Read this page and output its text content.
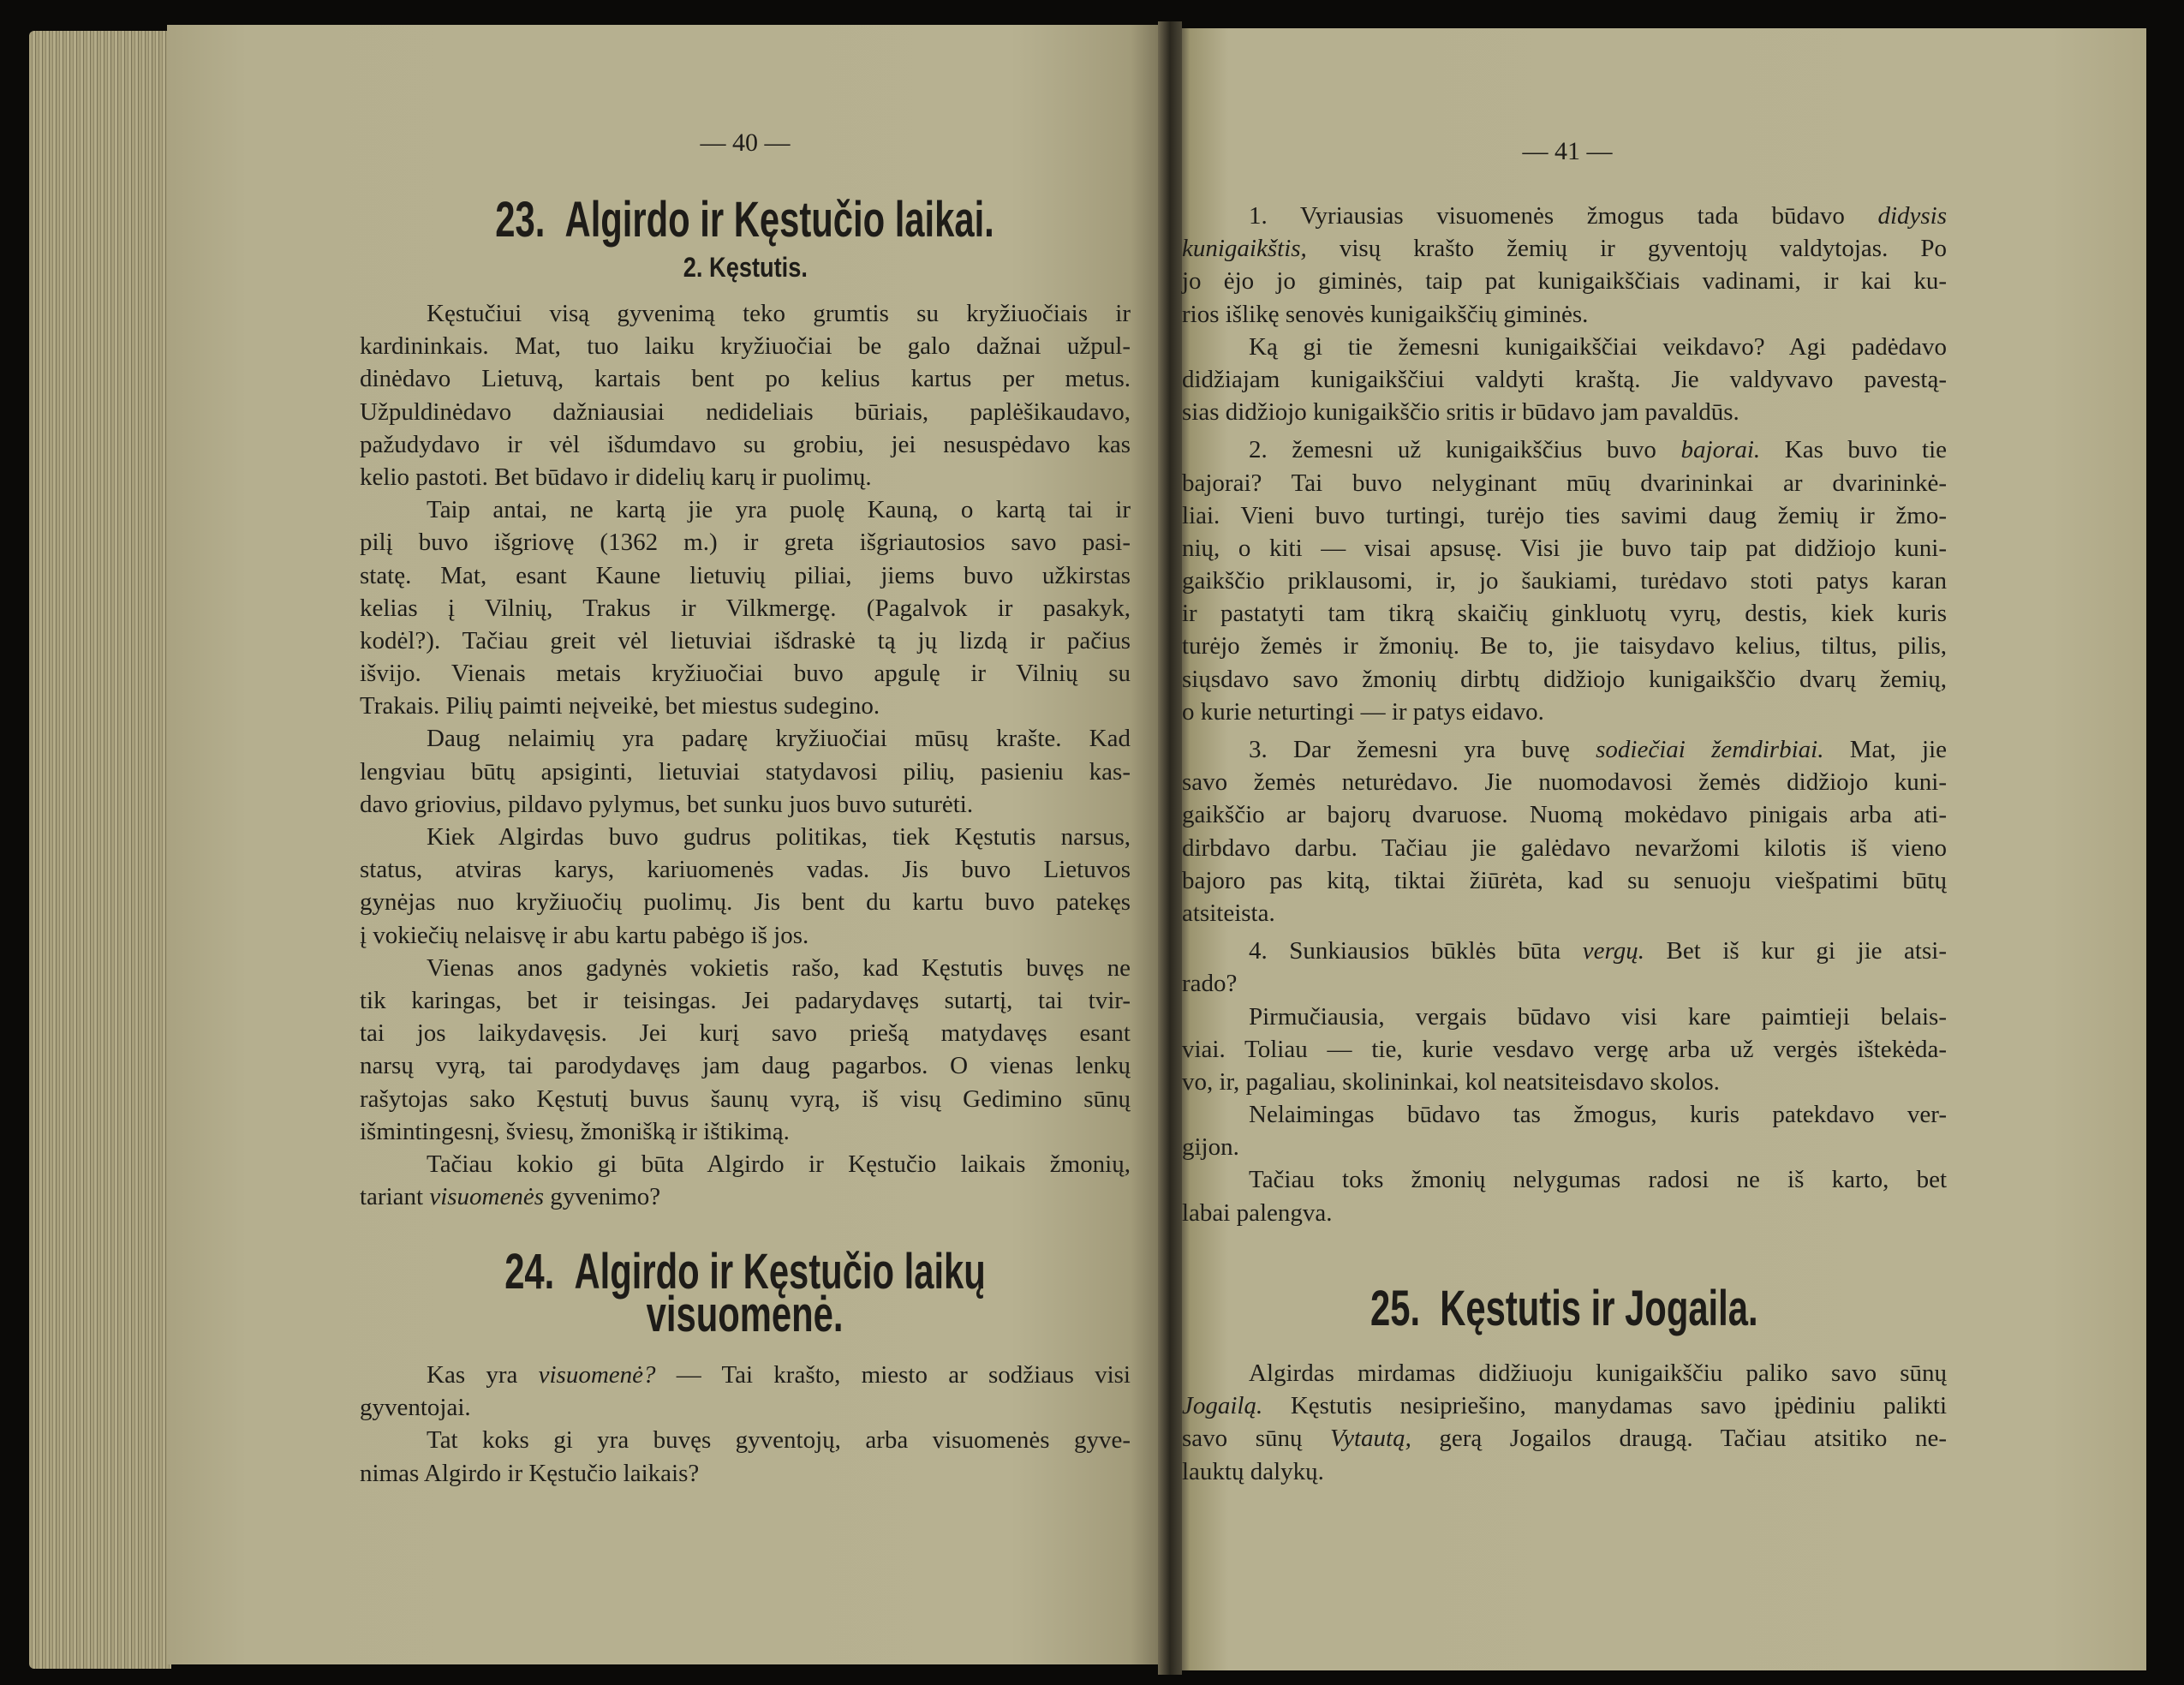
— 40 —
23. Algirdo ir Kęstučio laikai.
2. Kęstutis.
Kęstučiui visą gyvenimą teko grumtis su kryžiuočiais ir
kardininkais. Mat, tuo laiku kryžiuočiai be galo dažnai užpul-
dinėdavo Lietuvą, kartais bent po kelius kartus per metus.
Užpuldinėdavo dažniausiai nedideliais būriais, paplėšikaudavo,
pažudydavo ir vėl išdumdavo su grobiu, jei nesuspėdavo kas
kelio pastoti. Bet būdavo ir didelių karų ir puolimų.
Taip antai, ne kartą jie yra puolę Kauną, o kartą tai ir
pilį buvo išgriovę (1362 m.) ir greta išgriautosios savo pasi-
statę. Mat, esant Kaune lietuvių piliai, jiems buvo užkirstas
kelias į Vilnių, Trakus ir Vilkmergę. (Pagalvok ir pasakyk,
kodėl?). Tačiau greit vėl lietuviai išdraskė tą jų lizdą ir pačius
išvijo. Vienais metais kryžiuočiai buvo apgulę ir Vilnių su
Trakais. Pilių paimti neįveikė, bet miestus sudegino.
Daug nelaimių yra padarę kryžiuočiai mūsų krašte. Kad
lengviau būtų apsiginti, lietuviai statydavosi pilių, pasieniu kas-
davo griovius, pildavo pylymus, bet sunku juos buvo suturėti.
Kiek Algirdas buvo gudrus politikas, tiek Kęstutis narsus,
status, atviras karys, kariuomenės vadas. Jis buvo Lietuvos
gynėjas nuo kryžiuočių puolimų. Jis bent du kartu buvo patekęs
į vokiečių nelaisvę ir abu kartu pabėgo iš jos.
Vienas anos gadynės vokietis rašo, kad Kęstutis buvęs ne
tik karingas, bet ir teisingas. Jei padarydavęs sutartį, tai tvir-
tai jos laikydavęsis. Jei kurį savo priešą matydavęs esant
narsų vyrą, tai parodydavęs jam daug pagarbos. O vienas lenkų
rašytojas sako Kęstutį buvus šaunų vyrą, iš visų Gedimino sūnų
išmintingesnį, šviesų, žmonišką ir ištikimą.
Tačiau kokio gi būta Algirdo ir Kęstučio laikais žmonių,
tariant visuomenės gyvenimo?
24. Algirdo ir Kęstučio laikų
visuomenė.
Kas yra visuomenė? — Tai krašto, miesto ar sodžiaus visi
gyventojai.
Tat koks gi yra buvęs gyventojų, arba visuomenės gyve-
nimas Algirdo ir Kęstučio laikais?
— 41 —
1. Vyriausias visuomenės žmogus tada būdavo didysis
kunigaikštis, visų krašto žemių ir gyventojų valdytojas. Po
jo ėjo jo giminės, taip pat kunigaikščiais vadinami, ir kai ku-
rios išlikę senovės kunigaikščių giminės.
Ką gi tie žemesni kunigaikščiai veikdavo? Agi padėdavo
didžiajam kunigaikščiui valdyti kraštą. Jie valdyvavo pavestą-
sias didžiojo kunigaikščio sritis ir būdavo jam pavaldūs.
2. žemesni už kunigaikščius buvo bajorai. Kas buvo tie
bajorai? Tai buvo nelyginant mūų dvarininkai ar dvarininkė-
liai. Vieni buvo turtingi, turėjo ties savimi daug žemių ir žmo-
nių, o kiti — visai apsusę. Visi jie buvo taip pat didžiojo kuni-
gaikščio priklausomi, ir, jo šaukiami, turėdavo stoti patys karan
ir pastatyti tam tikrą skaičių ginkluotų vyrų, destis, kiek kuris
turėjo žemės ir žmonių. Be to, jie taisydavo kelius, tiltus, pilis,
siųsdavo savo žmonių dirbtų didžiojo kunigaikščio dvarų žemių,
o kurie neturtingi — ir patys eidavo.
3. Dar žemesni yra buvę sodiečiai žemdirbiai. Mat, jie
savo žemės neturėdavo. Jie nuomodavosi žemės didžiojo kuni-
gaikščio ar bajorų dvaruose. Nuomą mokėdavo pinigais arba ati-
dirbdavo darbu. Tačiau jie galėdavo nevaržomi kilotis iš vieno
bajoro pas kitą, tiktai žiūrėta, kad su senuoju viešpatimi būtų
atsiteista.
4. Sunkiausios būklės būta vergų. Bet iš kur gi jie atsi-
rado?
Pirmučiausia, vergais būdavo visi kare paimtieji belais-
viai. Toliau — tie, kurie vesdavo vergę arba už vergės ištekėda-
vo, ir, pagaliau, skolininkai, kol neatsiteisdavo skolos.
Nelaimingas būdavo tas žmogus, kuris patekdavo ver-
gijon.
Tačiau toks žmonių nelygumas radosi ne iš karto, bet
labai palengva.
25. Kęstutis ir Jogaila.
Algirdas mirdamas didžiuoju kunigaikščiu paliko savo sūnų
Jogailą. Kęstutis nesipriešino, manydamas savo įpėdiniu palikti
savo sūnų Vytautą, gerą Jogailos draugą. Tačiau atsitiko ne-
lauktų dalykų.
